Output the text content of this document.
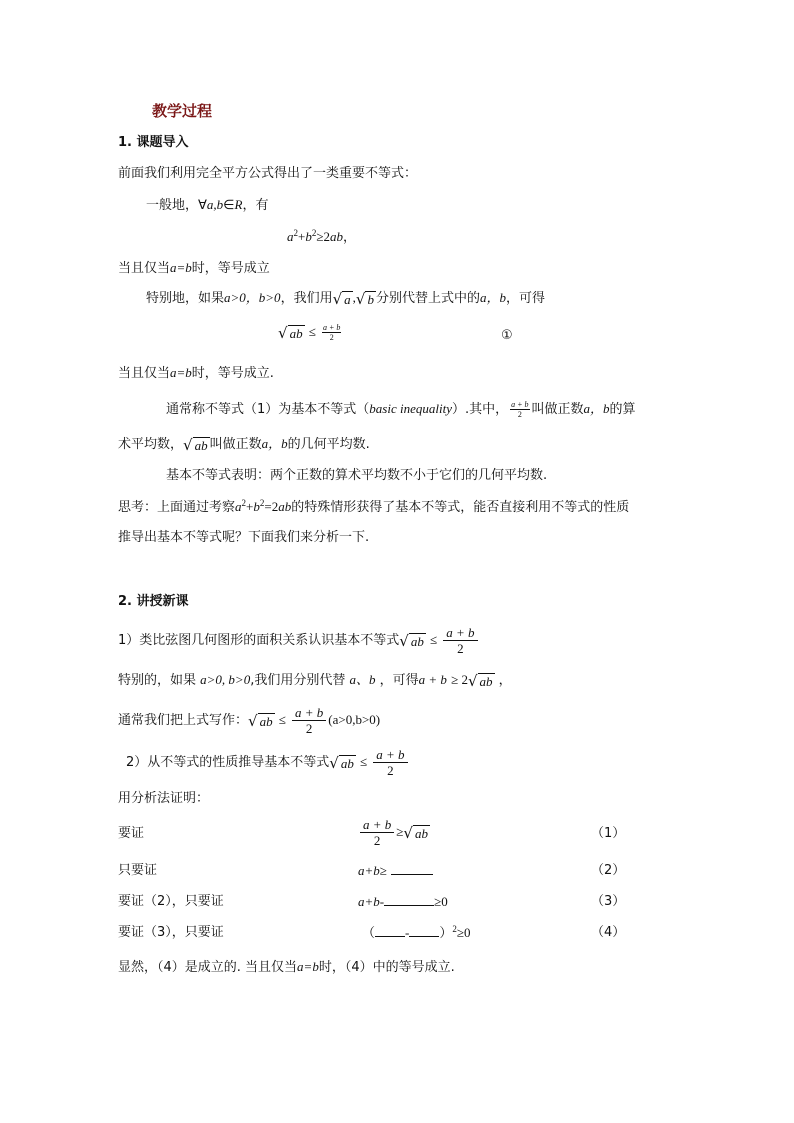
教学过程
1. 课题导入
前面我们利用完全平方公式得出了一类重要不等式：
一般地，∀a,b∈R，有
$a^2+b^2\ge 2ab$，
当且仅当a=b时，等号成立
特别地，如果a>0，b>0，我们用 √ a , √ b 分别代替上式中的a，b，可得
√ ab ≤ $\frac{a + b}{2}$	①
当且仅当a=b时，等号成立.
通常称不等式（1）为基本不等式（basic inequality）.其中， $\frac{a + b}{2}$ 叫做正数a，b的算
术平均数， √ ab 叫做正数a，b的几何平均数.
基本不等式表明：两个正数的算术平均数不小于它们的几何平均数.
思考：上面通过考察$a^2+b^2=2ab$的特殊情形获得了基本不等式，能否直接利用不等式的性质
推导出基本不等式呢？下面我们来分析一下.
2. 讲授新课
1）类比弦图几何图形的面积关系认识基本不等式 √ ab ≤ $\frac{a + b}{2}$
特别的，如果 a>0, b>0,我们用分别代替 a、b ，可得a + b ≥ 2 √ ab ，
通常我们把上式写作： √ ab ≤ $\frac{a + b}{2} (a>0,b>0)$
2）从不等式的性质推导基本不等式 √ ab ≤ $\frac{a + b}{2}$
用分析法证明：
要证	$\frac{a + b}{2}$ ≥ √ ab	（1）
只要证	a+b≥	（2）
要证（2），只要证	a+b-	≥0	（3）
要证（3），只要证	（ - ）$^2$≥0	（4）
显然，（4）是成立的. 当且仅当a=b时，（4）中的等号成立.
